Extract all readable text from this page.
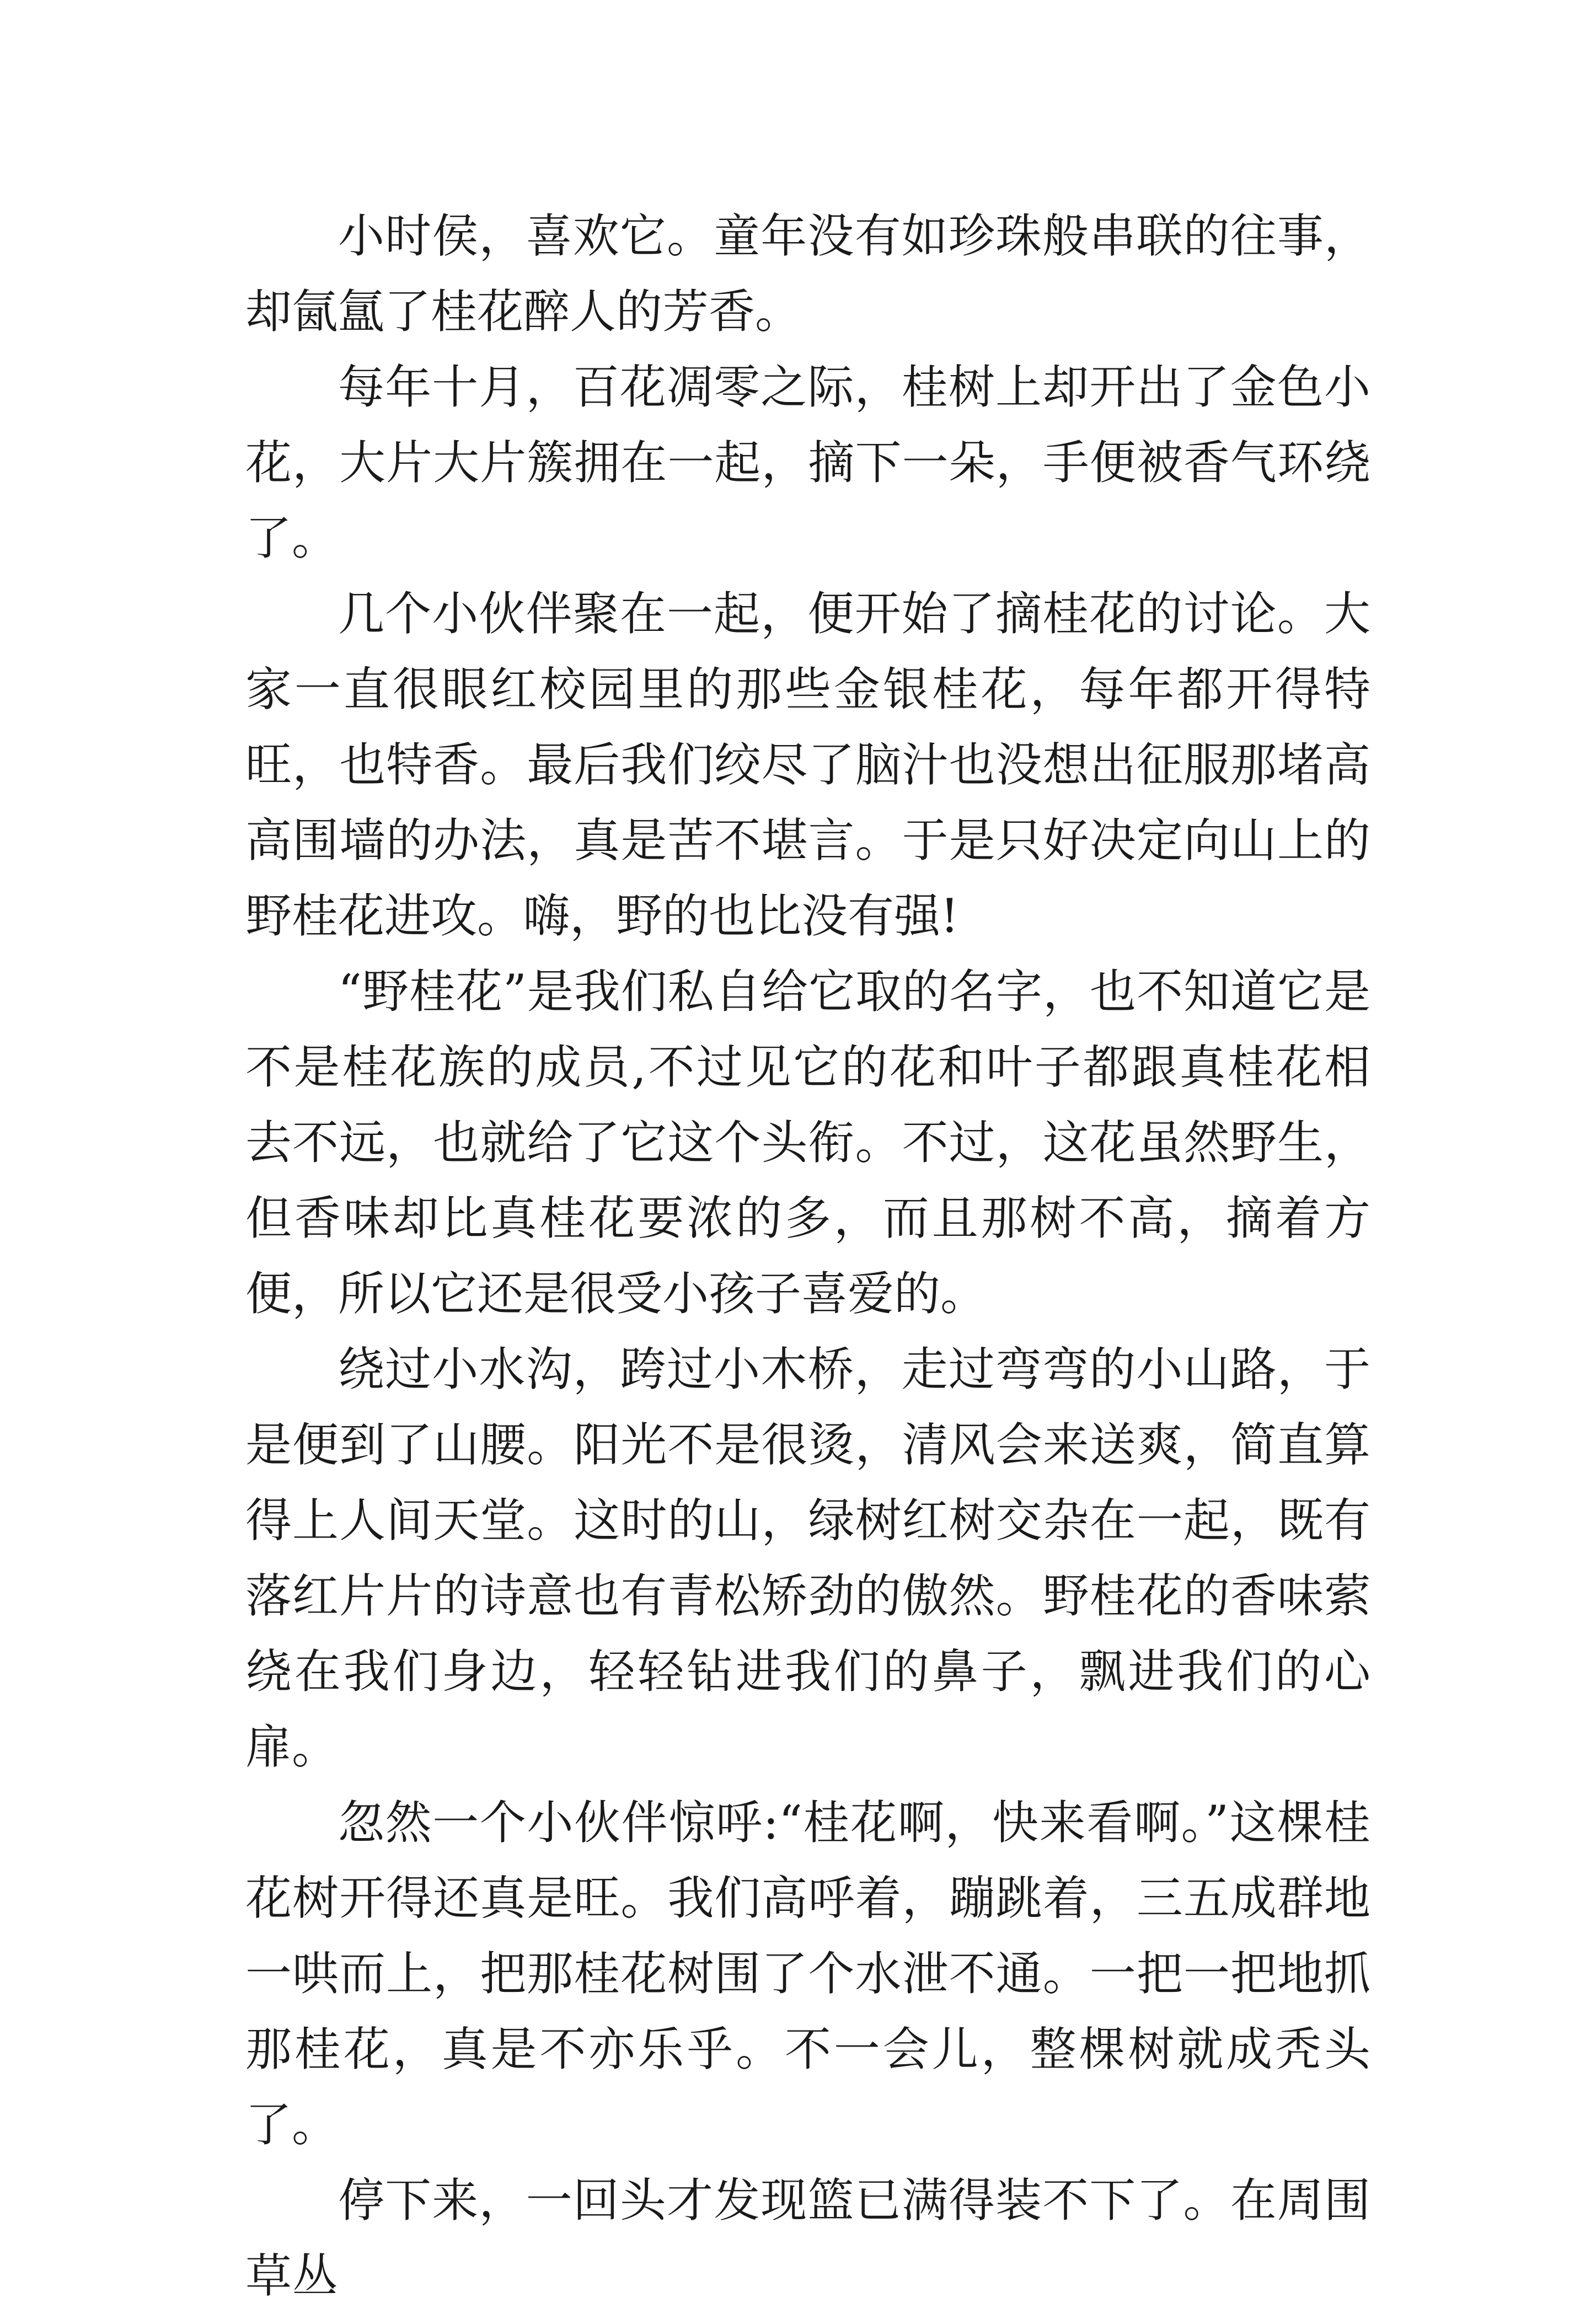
小时侯，喜欢它。童年没有如珍珠般串联的往事，却氤氲了桂花醉人的芳香。

每年十月，百花凋零之际，桂树上却开出了金色小花，大片大片簇拥在一起，摘下一朵，手便被香气环绕了。

几个小伙伴聚在一起，便开始了摘桂花的讨论。大家一直很眼红校园里的那些金银桂花，每年都开得特旺，也特香。最后我们绞尽了脑汁也没想出征服那堵高高围墙的办法，真是苦不堪言。于是只好决定向山上的野桂花进攻。嗨，野的也比没有强!

“野桂花”是我们私自给它取的名字，也不知道它是不是桂花族的成员,不过见它的花和叶子都跟真桂花相去不远，也就给了它这个头衔。不过，这花虽然野生，但香味却比真桂花要浓的多，而且那树不高，摘着方便，所以它还是很受小孩子喜爱的。

绕过小水沟，跨过小木桥，走过弯弯的小山路，于是便到了山腰。阳光不是很烫，清风会来送爽，简直算得上人间天堂。这时的山，绿树红树交杂在一起，既有落红片片的诗意也有青松矫劲的傲然。野桂花的香味萦绕在我们身边，轻轻钻进我们的鼻子，飘进我们的心扉。

忽然一个小伙伴惊呼:“桂花啊，快来看啊。”这棵桂花树开得还真是旺。我们高呼着，蹦跳着，三五成群地一哄而上，把那桂花树围了个水泄不通。一把一把地抓那桂花，真是不亦乐乎。不一会儿，整棵树就成秃头了。

停下来，一回头才发现篮已满得装不下了。在周围草丛
